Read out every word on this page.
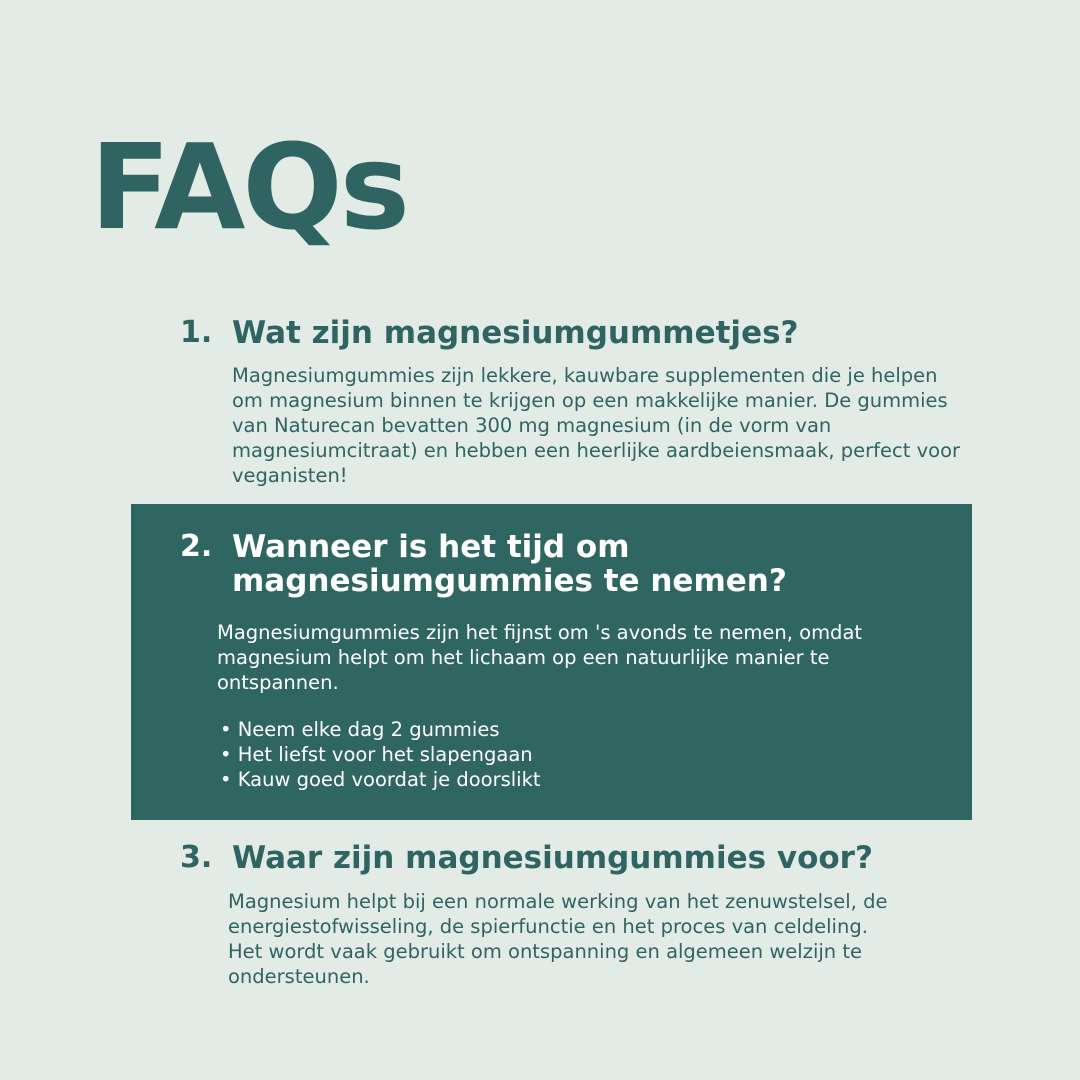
FAQs
1. Wat zijn magnesiumgummetjes?

Magnesiumgummies zijn lekkere, kauwbare supplementen die je helpen om magnesium binnen te krijgen op een makkelijke manier. De gummies van Naturecan bevatten 300 mg magnesium (in de vorm van magnesiumcitraat) en hebben een heerlijke aardbeiensmaak, perfect voor veganisten!

2. Wanneer is het tijd om magnesiumgummies te nemen?

Magnesiumgummies zijn het fijnst om 's avonds te nemen, omdat magnesium helpt om het lichaam op een natuurlijke manier te ontspannen.

• Neem elke dag 2 gummies
• Het liefst voor het slapengaan
• Kauw goed voordat je doorslikt
3. Waar zijn magnesiumgummies voor?

Magnesium helpt bij een normale werking van het zenuwstelsel, de energiestofwisseling, de spierfunctie en het proces van celdeling. Het wordt vaak gebruikt om ontspanning en algemeen welzijn te ondersteunen.
